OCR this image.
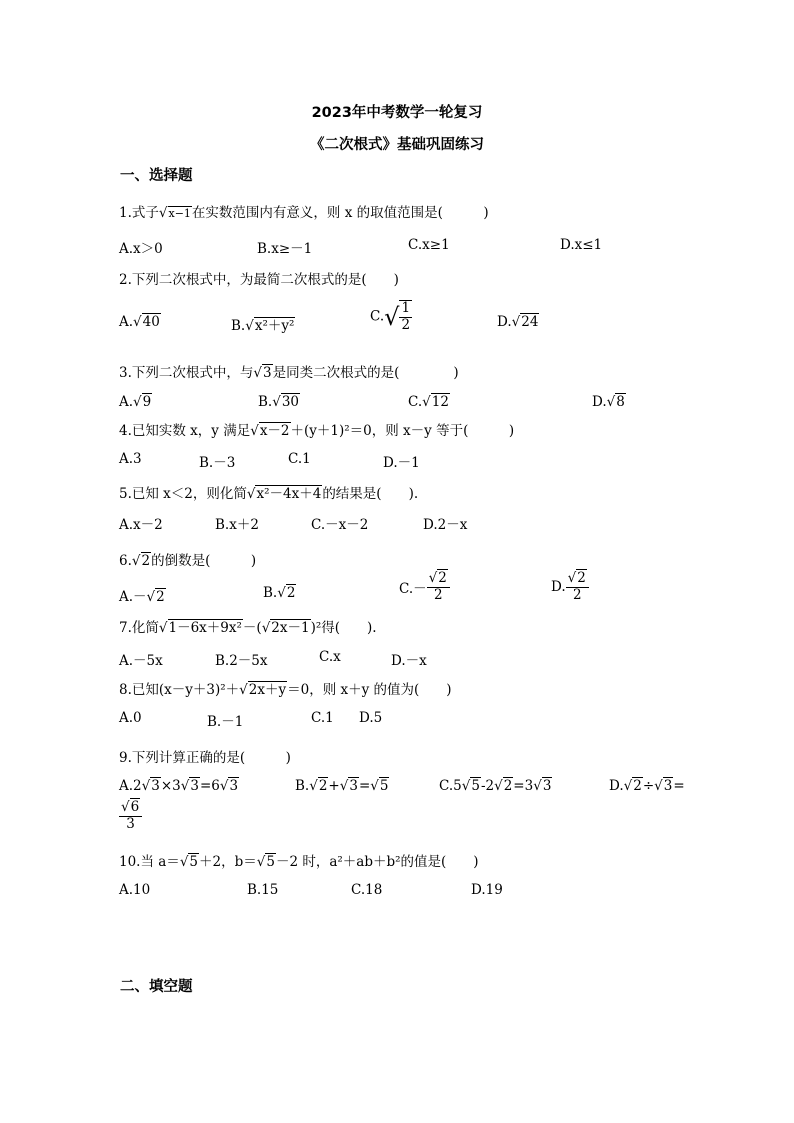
2023年中考数学一轮复习
《二次根式》基础巩固练习
一、选择题
1.式子√x−1在实数范围内有意义，则 x 的取值范围是(　　　)
A.x＞0	B.x≥－1	C.x≥1	D.x≤1
2.下列二次根式中，为最简二次根式的是(　　)
A.√40	B.√x²＋y²
$C.√ \frac{1}{2}$	D.√24
3.下列二次根式中，与√3是同类二次根式的是(　　　　)
A.√9	B.√30	C.√12	D.√8
4.已知实数 x，y 满足√x－2＋(y＋1)²＝0，则 x－y 等于(　　　)
A.3	B.－3	C.1	D.－1
5.已知 x＜2，则化简√x²－4x＋4的结果是(　　).
A.x－2	B.x＋2	C.－x－2	D.2－x
6.√2的倒数是(　　　)
A.－√2	B.√2	$C.- \frac{√2}{2}$	D. $\frac{√2}{2}$
7.化简√1－6x＋9x²－(√2x－1)²得(　　).
A.－5x	B.2－5x	C.x	D.－x
8.已知(x－y＋3)²＋√2x＋y＝0，则 x＋y 的值为(　　)
A.0	B.－1	C.1 D.5
9.下列计算正确的是(　　　)
A.2√3×3√3=6√3	B.√2+√3=√5	C.5√5-2√2=3√3	D.√2÷√3=
$\frac{√6}{3}$
10.当 a＝√5＋2，b＝√5－2 时，a²＋ab＋b²的值是(　　)
A.10	B.15	C.18	D.19
二、填空题
